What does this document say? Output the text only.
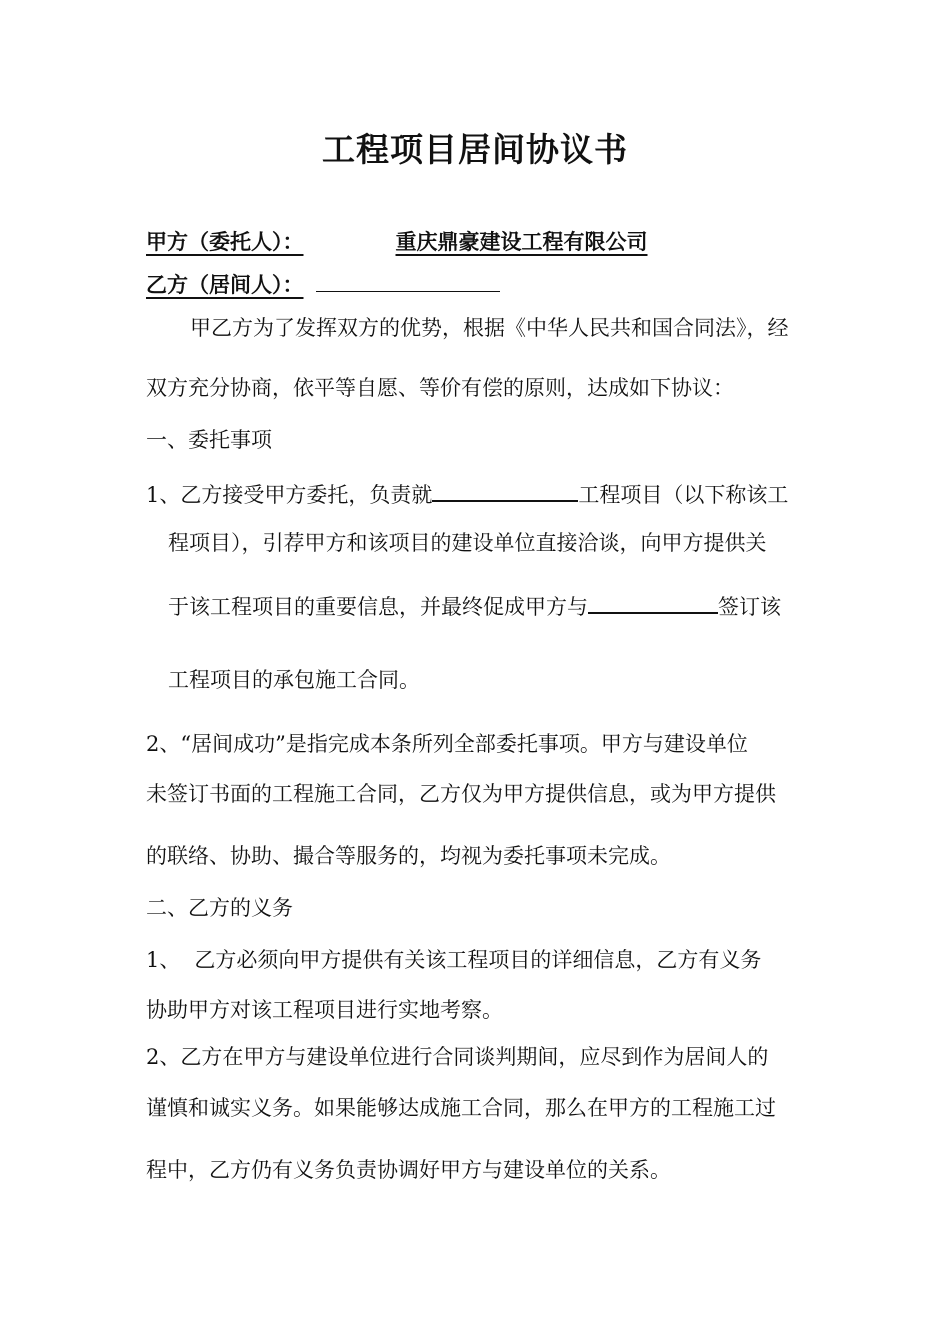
工程项目居间协议书
甲方（委托人）：	重庆鼎豪建设工程有限公司
乙方（居间人）：
甲乙方为了发挥双方的优势，根据《中华人民共和国合同法》，经
双方充分协商，依平等自愿、等价有偿的原则，达成如下协议：
一、委托事项
1、乙方接受甲方委托，负责就	工程项目（以下称该工
程项目），引荐甲方和该项目的建设单位直接洽谈，向甲方提供关
于该工程项目的重要信息，并最终促成甲方与	签订该
工程项目的承包施工合同。
2、“居间成功”是指完成本条所列全部委托事项。甲方与建设单位
未签订书面的工程施工合同，乙方仅为甲方提供信息，或为甲方提供
的联络、协助、撮合等服务的，均视为委托事项未完成。
二、乙方的义务
1、 乙方必须向甲方提供有关该工程项目的详细信息，乙方有义务
协助甲方对该工程项目进行实地考察。
2、乙方在甲方与建设单位进行合同谈判期间，应尽到作为居间人的
谨慎和诚实义务。如果能够达成施工合同，那么在甲方的工程施工过
程中，乙方仍有义务负责协调好甲方与建设单位的关系。
